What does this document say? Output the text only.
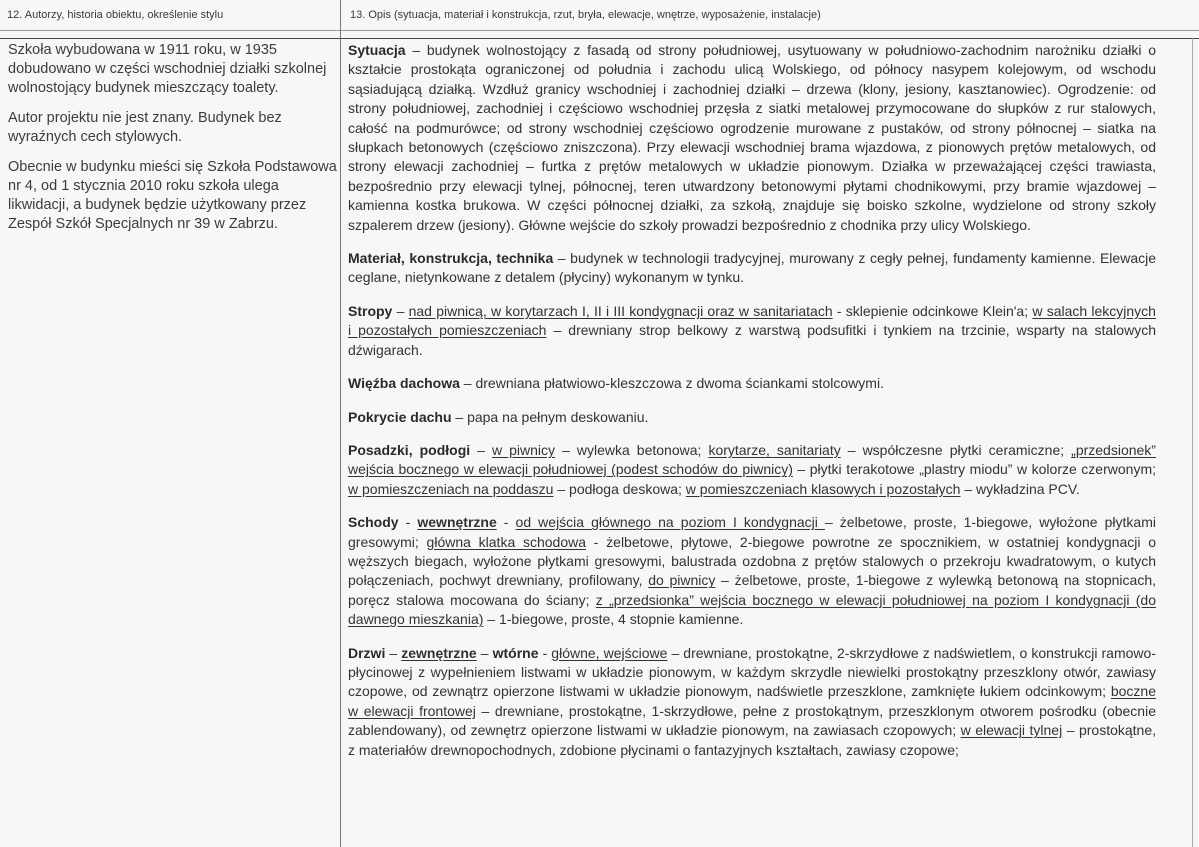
12. Autorzy, historia obiektu, określenie stylu	13. Opis (sytuacja, materiał i konstrukcja, rzut, bryła, elewacje, wnętrze, wyposażenie, instalacje)

Szkoła wybudowana w 1911 roku, w 1935 dobudowano w części wschodniej działki szkolnej wolnostojący budynek mieszczący toalety.

Autor projektu nie jest znany. Budynek bez wyraźnych cech stylowych.

Obecnie w budynku mieści się Szkoła Podstawowa nr 4, od 1 stycznia 2010 roku szkoła ulega likwidacji, a budynek będzie użytkowany przez Zespół Szkół Specjalnych nr 39 w Zabrzu.

Sytuacja – budynek wolnostojący z fasadą od strony południowej, usytuowany w południowo-zachodnim narożniku działki o kształcie prostokąta ograniczonej od południa i zachodu ulicą Wolskiego, od północy nasypem kolejowym, od wschodu sąsiadującą działką. Wzdłuż granicy wschodniej i zachodniej działki – drzewa (klony, jesiony, kasztanowiec). Ogrodzenie: od strony południowej, zachodniej i częściowo wschodniej przęsła z siatki metalowej przymocowane do słupków z rur stalowych, całość na podmurówce; od strony wschodniej częściowo ogrodzenie murowane z pustaków, od strony północnej – siatka na słupkach betonowych (częściowo zniszczona). Przy elewacji wschodniej brama wjazdowa, z pionowych prętów metalowych, od strony elewacji zachodniej – furtka z prętów metalowych w układzie pionowym. Działka w przeważającej części trawiasta, bezpośrednio przy elewacji tylnej, północnej, teren utwardzony betonowymi płytami chodnikowymi, przy bramie wjazdowej – kamienna kostka brukowa. W części północnej działki, za szkołą, znajduje się boisko szkolne, wydzielone od strony szkoły szpalerem drzew (jesiony). Główne wejście do szkoły prowadzi bezpośrednio z chodnika przy ulicy Wolskiego.

Materiał, konstrukcja, technika – budynek w technologii tradycyjnej, murowany z cegły pełnej, fundamenty kamienne. Elewacje ceglane, nietynkowane z detalem (płyciny) wykonanym w tynku.

Stropy – nad piwnicą, w korytarzach I, II i III kondygnacji oraz w sanitariatach - sklepienie odcinkowe Klein'a; w salach lekcyjnych i pozostałych pomieszczeniach – drewniany strop belkowy z warstwą podsufitki i tynkiem na trzcinie, wsparty na stalowych dźwigarach.

Więźba dachowa – drewniana płatwiowo-kleszczowa z dwoma ściankami stolcowymi.

Pokrycie dachu – papa na pełnym deskowaniu.

Posadzki, podłogi – w piwnicy – wylewka betonowa; korytarze, sanitariaty – współczesne płytki ceramiczne; „przedsionek” wejścia bocznego w elewacji południowej (podest schodów do piwnicy) – płytki terakotowe „plastry miodu” w kolorze czerwonym; w pomieszczeniach na poddaszu – podłoga deskowa; w pomieszczeniach klasowych i pozostałych – wykładzina PCV.

Schody - wewnętrzne - od wejścia głównego na poziom I kondygnacji – żelbetowe, proste, 1-biegowe, wyłożone płytkami gresowymi; główna klatka schodowa - żelbetowe, płytowe, 2-biegowe powrotne ze spocznikiem, w ostatniej kondygnacji o węższych biegach, wyłożone płytkami gresowymi, balustrada ozdobna z prętów stalowych o przekroju kwadratowym, o kutych połączeniach, pochwyt drewniany, profilowany, do piwnicy – żelbetowe, proste, 1-biegowe z wylewką betonową na stopnicach, poręcz stalowa mocowana do ściany; z „przedsionka” wejścia bocznego w elewacji południowej na poziom I kondygnacji (do dawnego mieszkania) – 1-biegowe, proste, 4 stopnie kamienne.

Drzwi – zewnętrzne – wtórne - główne, wejściowe – drewniane, prostokątne, 2-skrzydłowe z nadświetlem, o konstrukcji ramowo-płycinowej z wypełnieniem listwami w układzie pionowym, w każdym skrzydle niewielki prostokątny przeszklony otwór, zawiasy czopowe, od zewnątrz opierzone listwami w układzie pionowym, nadświetle przeszklone, zamknięte łukiem odcinkowym; boczne w elewacji frontowej – drewniane, prostokątne, 1-skrzydłowe, pełne z prostokątnym, przeszklonym otworem pośrodku (obecnie zablendowany), od zewnętrz opierzone listwami w układzie pionowym, na zawiasach czopowych; w elewacji tylnej – prostokątne, z materiałów drewnopochodnych, zdobione płycinami o fantazyjnych kształtach, zawiasy czopowe;
